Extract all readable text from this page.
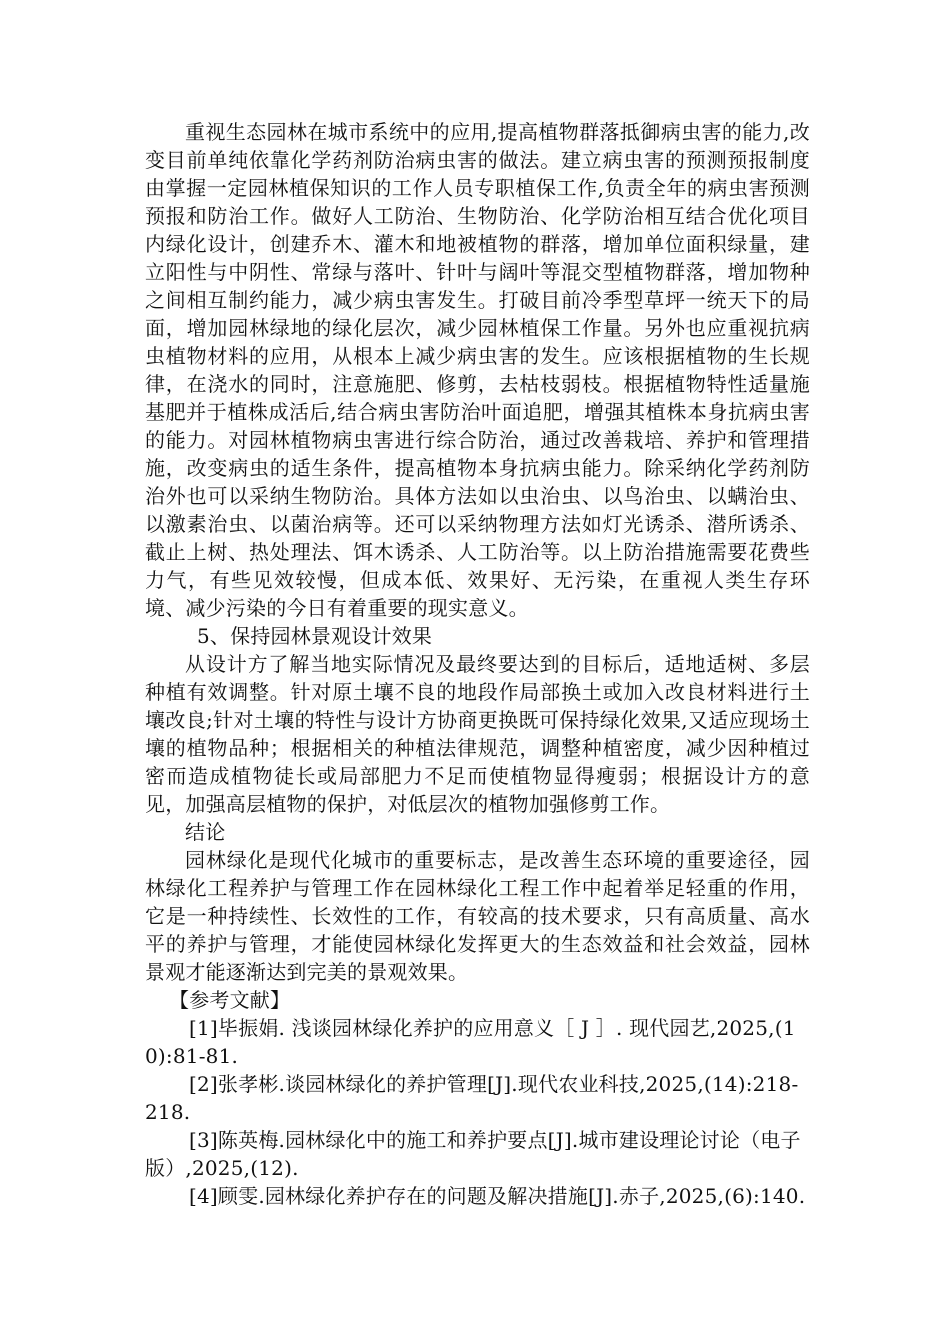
重视生态园林在城市系统中的应用,提高植物群落抵御病虫害的能力,改变目前单纯依靠化学药剂防治病虫害的做法。建立病虫害的预测预报制度由掌握一定园林植保知识的工作人员专职植保工作,负责全年的病虫害预测预报和防治工作。做好人工防治、生物防治、化学防治相互结合优化项目内绿化设计，创建乔木、灌木和地被植物的群落，增加单位面积绿量，建立阳性与中阴性、常绿与落叶、针叶与阔叶等混交型植物群落，增加物种之间相互制约能力，减少病虫害发生。打破目前冷季型草坪一统天下的局面，增加园林绿地的绿化层次，减少园林植保工作量。另外也应重视抗病虫植物材料的应用，从根本上减少病虫害的发生。应该根据植物的生长规律，在浇水的同时，注意施肥、修剪，去枯枝弱枝。根据植物特性适量施基肥并于植株成活后,结合病虫害防治叶面追肥，增强其植株本身抗病虫害的能力。对园林植物病虫害进行综合防治，通过改善栽培、养护和管理措施，改变病虫的适生条件，提高植物本身抗病虫能力。除采纳化学药剂防治外也可以采纳生物防治。具体方法如以虫治虫、以鸟治虫、以螨治虫、以激素治虫、以菌治病等。还可以采纳物理方法如灯光诱杀、潜所诱杀、截止上树、热处理法、饵木诱杀、人工防治等。以上防治措施需要花费些力气，有些见效较慢，但成本低、效果好、无污染，在重视人类生存环境、减少污染的今日有着重要的现实意义。

5、保持园林景观设计效果

从设计方了解当地实际情况及最终要达到的目标后，适地适树、多层种植有效调整。针对原土壤不良的地段作局部换土或加入改良材料进行土壤改良;针对土壤的特性与设计方协商更换既可保持绿化效果,又适应现场土壤的植物品种；根据相关的种植法律规范，调整种植密度，减少因种植过密而造成植物徒长或局部肥力不足而使植物显得瘦弱；根据设计方的意见，加强高层植物的保护，对低层次的植物加强修剪工作。

结论

园林绿化是现代化城市的重要标志，是改善生态环境的重要途径，园林绿化工程养护与管理工作在园林绿化工程工作中起着举足轻重的作用，它是一种持续性、长效性的工作，有较高的技术要求，只有高质量、高水平的养护与管理，才能使园林绿化发挥更大的生态效益和社会效益，园林景观才能逐渐达到完美的景观效果。

【参考文献】

[1]毕振娟. 浅谈园林绿化养护的应用意义［ J ］. 现代园艺,2025,(10):81-81.

[2]张孝彬.谈园林绿化的养护管理[J].现代农业科技,2025,(14):218-218.

[3]陈英梅.园林绿化中的施工和养护要点[J].城市建设理论讨论（电子版）,2025,(12).

[4]顾雯.园林绿化养护存在的问题及解决措施[J].赤子,2025,(6):140.
